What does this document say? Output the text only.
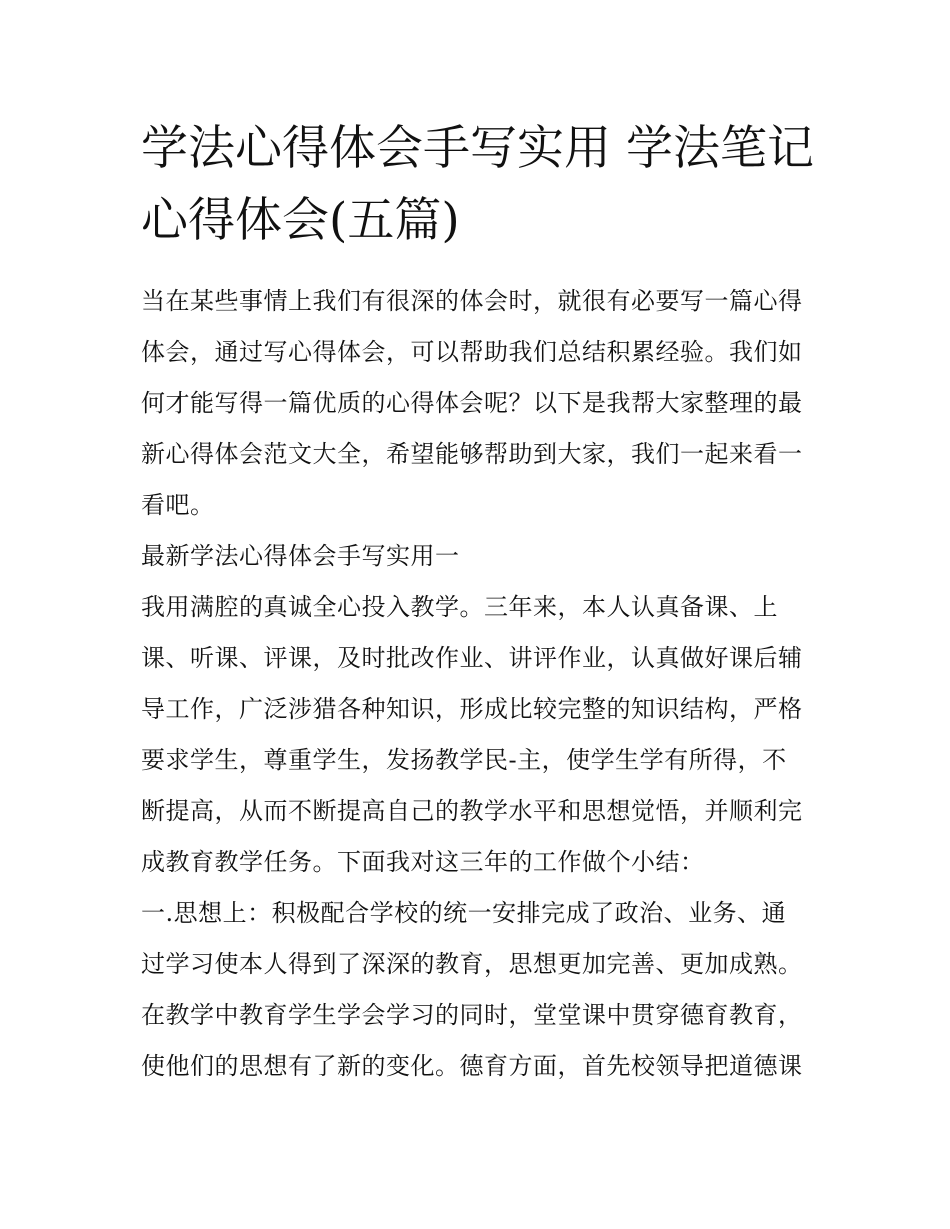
学法心得体会手写实用 学法笔记心得体会(五篇)
当在某些事情上我们有很深的体会时，就很有必要写一篇心得
体会，通过写心得体会，可以帮助我们总结积累经验。我们如
何才能写得一篇优质的心得体会呢？以下是我帮大家整理的最
新心得体会范文大全，希望能够帮助到大家，我们一起来看一
看吧。
最新学法心得体会手写实用一
我用满腔的真诚全心投入教学。三年来，本人认真备课、上
课、听课、评课，及时批改作业、讲评作业，认真做好课后辅
导工作，广泛涉猎各种知识，形成比较完整的知识结构，严格
要求学生，尊重学生，发扬教学民-主，使学生学有所得，不
断提高，从而不断提高自己的教学水平和思想觉悟，并顺利完
成教育教学任务。下面我对这三年的工作做个小结：
一.思想上：积极配合学校的统一安排完成了政治、业务、通
过学习使本人得到了深深的教育，思想更加完善、更加成熟。
在教学中教育学生学会学习的同时，堂堂课中贯穿德育教育，
使他们的思想有了新的变化。德育方面，首先校领导把道德课
